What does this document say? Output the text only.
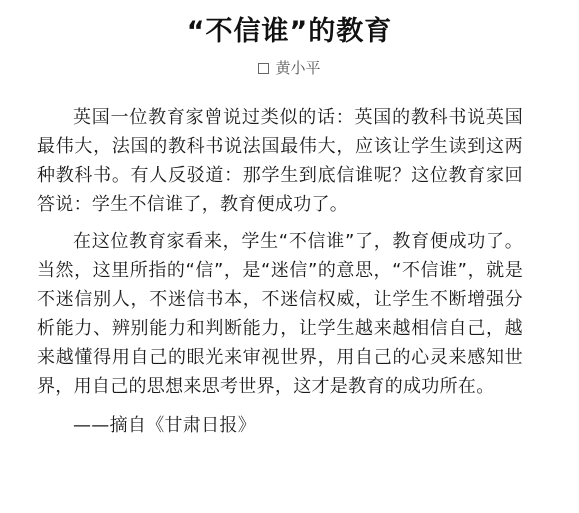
“不信谁”的教育
黄小平

英国一位教育家曾说过类似的话：英国的教科书说英国最伟大，法国的教科书说法国最伟大，应该让学生读到这两种教科书。有人反驳道：那学生到底信谁呢？这位教育家回答说：学生不信谁了，教育便成功了。

在这位教育家看来，学生“不信谁”了，教育便成功了。当然，这里所指的“信”，是“迷信”的意思，“不信谁”，就是不迷信别人，不迷信书本，不迷信权威，让学生不断增强分析能力、辨别能力和判断能力，让学生越来越相信自己，越来越懂得用自己的眼光来审视世界，用自己的心灵来感知世界，用自己的思想来思考世界，这才是教育的成功所在。

——摘自《甘肃日报》
